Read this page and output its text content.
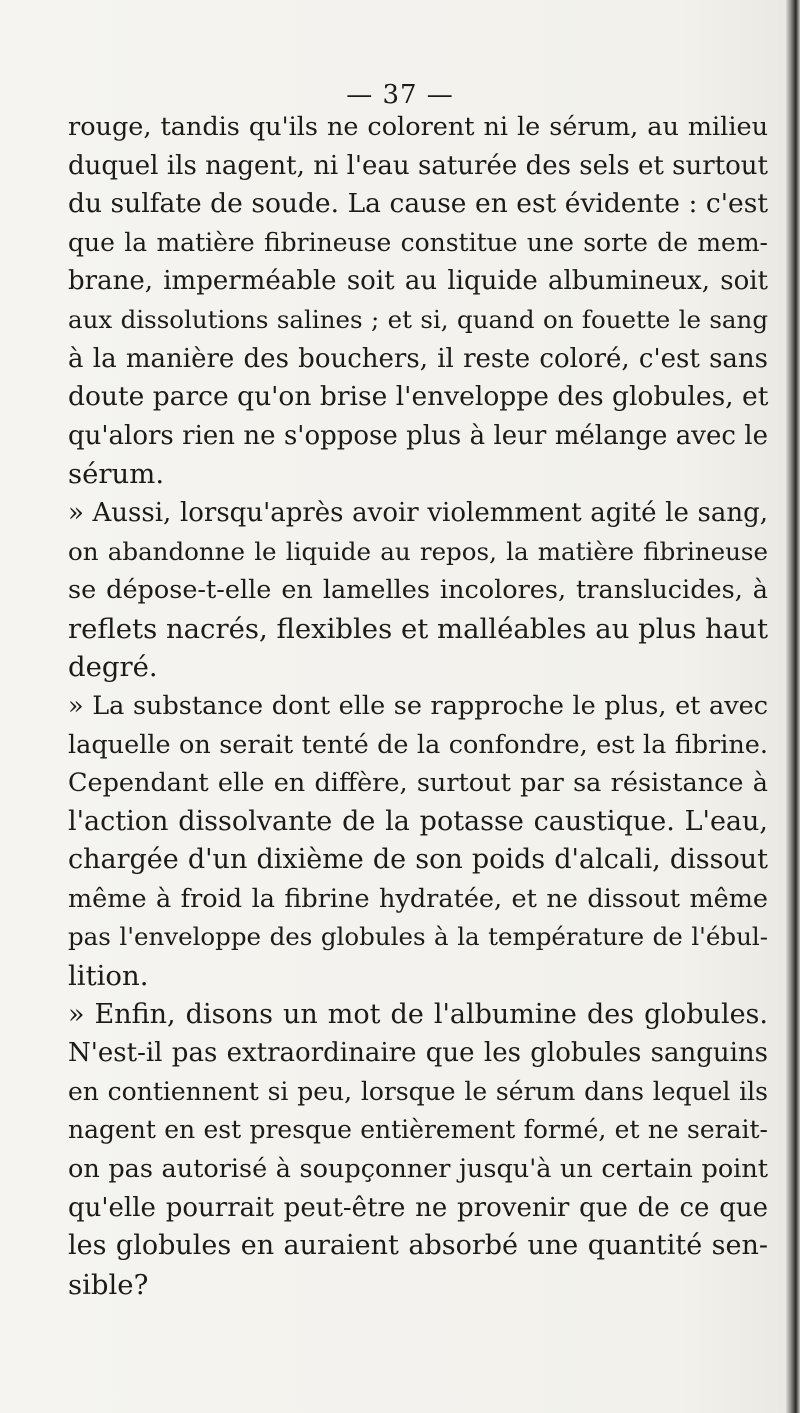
— 37 —
rouge, tandis qu'ils ne colorent ni le sérum, au milieu
duquel ils nagent, ni l'eau saturée des sels et surtout
du sulfate de soude. La cause en est évidente : c'est
que la matière fibrineuse constitue une sorte de mem-
brane, imperméable soit au liquide albumineux, soit
aux dissolutions salines ; et si, quand on fouette le sang
à la manière des bouchers, il reste coloré, c'est sans
doute parce qu'on brise l'enveloppe des globules, et
qu'alors rien ne s'oppose plus à leur mélange avec le
sérum.
» Aussi, lorsqu'après avoir violemment agité le sang,
on abandonne le liquide au repos, la matière fibrineuse
se dépose-t-elle en lamelles incolores, translucides, à
reflets nacrés, flexibles et malléables au plus haut
degré.
» La substance dont elle se rapproche le plus, et avec
laquelle on serait tenté de la confondre, est la fibrine.
Cependant elle en diffère, surtout par sa résistance à
l'action dissolvante de la potasse caustique. L'eau,
chargée d'un dixième de son poids d'alcali, dissout
même à froid la fibrine hydratée, et ne dissout même
pas l'enveloppe des globules à la température de l'ébul-
lition.
» Enfin, disons un mot de l'albumine des globules.
N'est-il pas extraordinaire que les globules sanguins
en contiennent si peu, lorsque le sérum dans lequel ils
nagent en est presque entièrement formé, et ne serait-
on pas autorisé à soupçonner jusqu'à un certain point
qu'elle pourrait peut-être ne provenir que de ce que
les globules en auraient absorbé une quantité sen-
sible?
